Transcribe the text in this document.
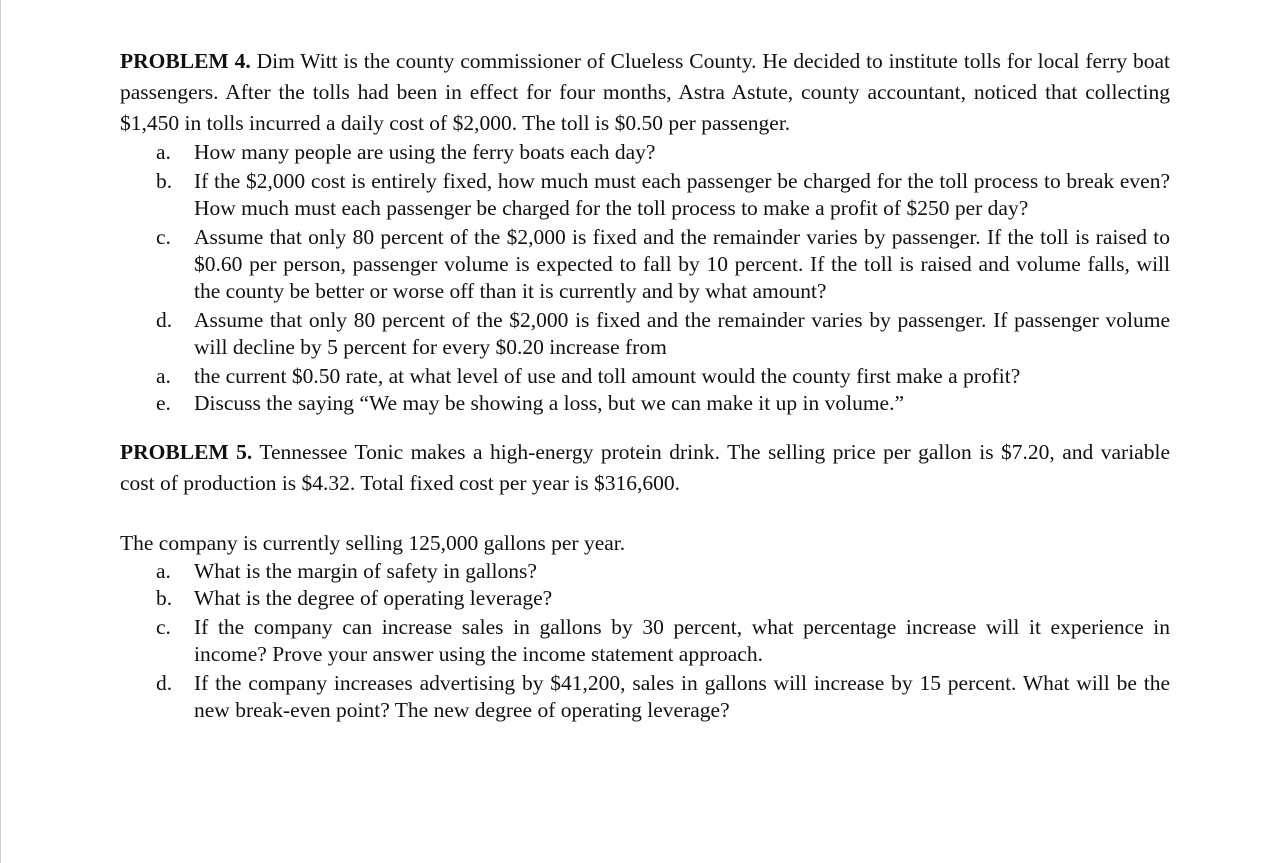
PROBLEM 4. Dim Witt is the county commissioner of Clueless County. He decided to institute tolls for local ferry boat passengers. After the tolls had been in effect for four months, Astra Astute, county accountant, noticed that collecting $1,450 in tolls incurred a daily cost of $2,000. The toll is $0.50 per passenger.

a.	How many people are using the ferry boats each day?
b.	If the $2,000 cost is entirely fixed, how much must each passenger be charged for the toll process to break even? How much must each passenger be charged for the toll process to make a profit of $250 per day?
c.	Assume that only 80 percent of the $2,000 is fixed and the remainder varies by passenger. If the toll is raised to $0.60 per person, passenger volume is expected to fall by 10 percent. If the toll is raised and volume falls, will the county be better or worse off than it is currently and by what amount?
d.	Assume that only 80 percent of the $2,000 is fixed and the remainder varies by passenger. If passenger volume will decline by 5 percent for every $0.20 increase from
a.	the current $0.50 rate, at what level of use and toll amount would the county first make a profit?
e.	Discuss the saying “We may be showing a loss, but we can make it up in volume.”

PROBLEM 5. Tennessee Tonic makes a high-energy protein drink. The selling price per gallon is $7.20, and variable cost of production is $4.32. Total fixed cost per year is $316,600.

The company is currently selling 125,000 gallons per year.

a.	What is the margin of safety in gallons?
b.	What is the degree of operating leverage?
c.	If the company can increase sales in gallons by 30 percent, what percentage increase will it experience in income? Prove your answer using the income statement approach.
d.	If the company increases advertising by $41,200, sales in gallons will increase by 15 percent. What will be the new break-even point? The new degree of operating leverage?
